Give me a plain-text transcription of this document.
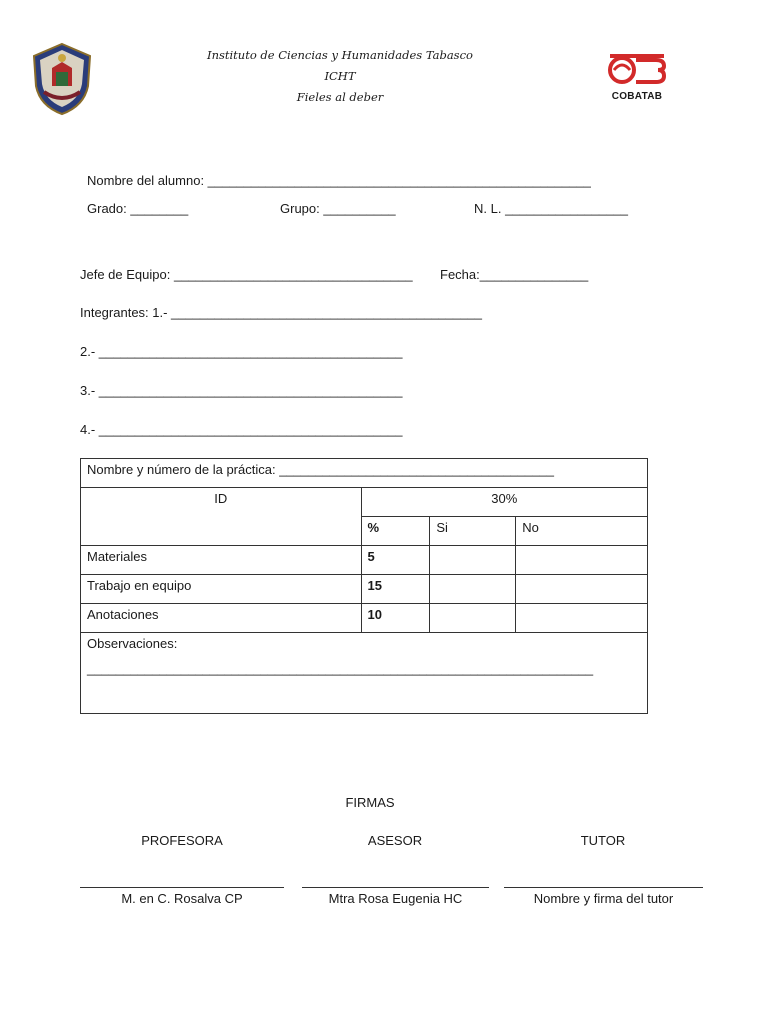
Instituto de Ciencias y Humanidades Tabasco
ICHT
Fieles al deber	COBATAB
Nombre del alumno: _____________________________________________________
Grado: ________	Grupo: __________	N. L. _________________
Jefe de Equipo: _________________________________ Fecha:_______________
Integrantes: 1.- ___________________________________________
2.- __________________________________________
3.- __________________________________________
4.- __________________________________________
Nombre y número de la práctica: ______________________________________			
ID	30%		
	%	Si	No
Materiales	5		
Trabajo en equipo	15		
Anotaciones	10		

Observaciones:
______________________________________________________________________			
FIRMAS
PROFESORA	ASESOR	TUTOR
M. en C. Rosalva CP	Mtra Rosa Eugenia HC	Nombre y firma del tutor
